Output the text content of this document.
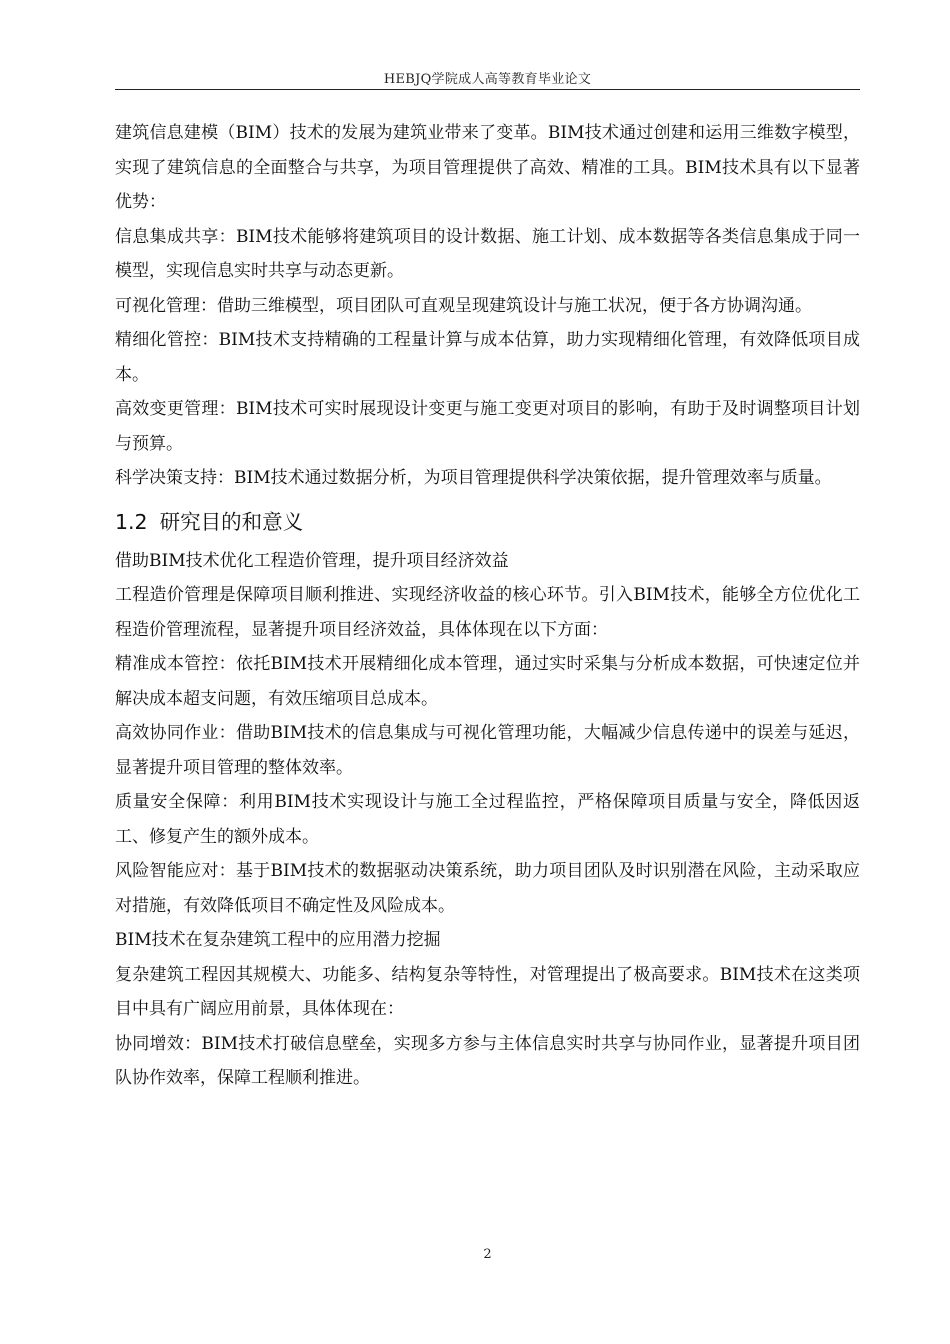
HEBJQ学院成人高等教育毕业论文

建筑信息建模（BIM）技术的发展为建筑业带来了变革。BIM技术通过创建和运用三维数字模型，实现了建筑信息的全面整合与共享，为项目管理提供了高效、精准的工具。BIM技术具有以下显著优势：

信息集成共享：BIM技术能够将建筑项目的设计数据、施工计划、成本数据等各类信息集成于同一模型，实现信息实时共享与动态更新。

可视化管理：借助三维模型，项目团队可直观呈现建筑设计与施工状况，便于各方协调沟通。

精细化管控：BIM技术支持精确的工程量计算与成本估算，助力实现精细化管理，有效降低项目成本。

高效变更管理：BIM技术可实时展现设计变更与施工变更对项目的影响，有助于及时调整项目计划与预算。

科学决策支持：BIM技术通过数据分析，为项目管理提供科学决策依据，提升管理效率与质量。

1.2 研究目的和意义

借助BIM技术优化工程造价管理，提升项目经济效益

工程造价管理是保障项目顺利推进、实现经济收益的核心环节。引入BIM技术，能够全方位优化工程造价管理流程，显著提升项目经济效益，具体体现在以下方面：

精准成本管控：依托BIM技术开展精细化成本管理，通过实时采集与分析成本数据，可快速定位并解决成本超支问题，有效压缩项目总成本。

高效协同作业：借助BIM技术的信息集成与可视化管理功能，大幅减少信息传递中的误差与延迟，显著提升项目管理的整体效率。

质量安全保障：利用BIM技术实现设计与施工全过程监控，严格保障项目质量与安全，降低因返工、修复产生的额外成本。

风险智能应对：基于BIM技术的数据驱动决策系统，助力项目团队及时识别潜在风险，主动采取应对措施，有效降低项目不确定性及风险成本。

BIM技术在复杂建筑工程中的应用潜力挖掘

复杂建筑工程因其规模大、功能多、结构复杂等特性，对管理提出了极高要求。BIM技术在这类项目中具有广阔应用前景，具体体现在：

协同增效：BIM技术打破信息壁垒，实现多方参与主体信息实时共享与协同作业，显著提升项目团队协作效率，保障工程顺利推进。

2
